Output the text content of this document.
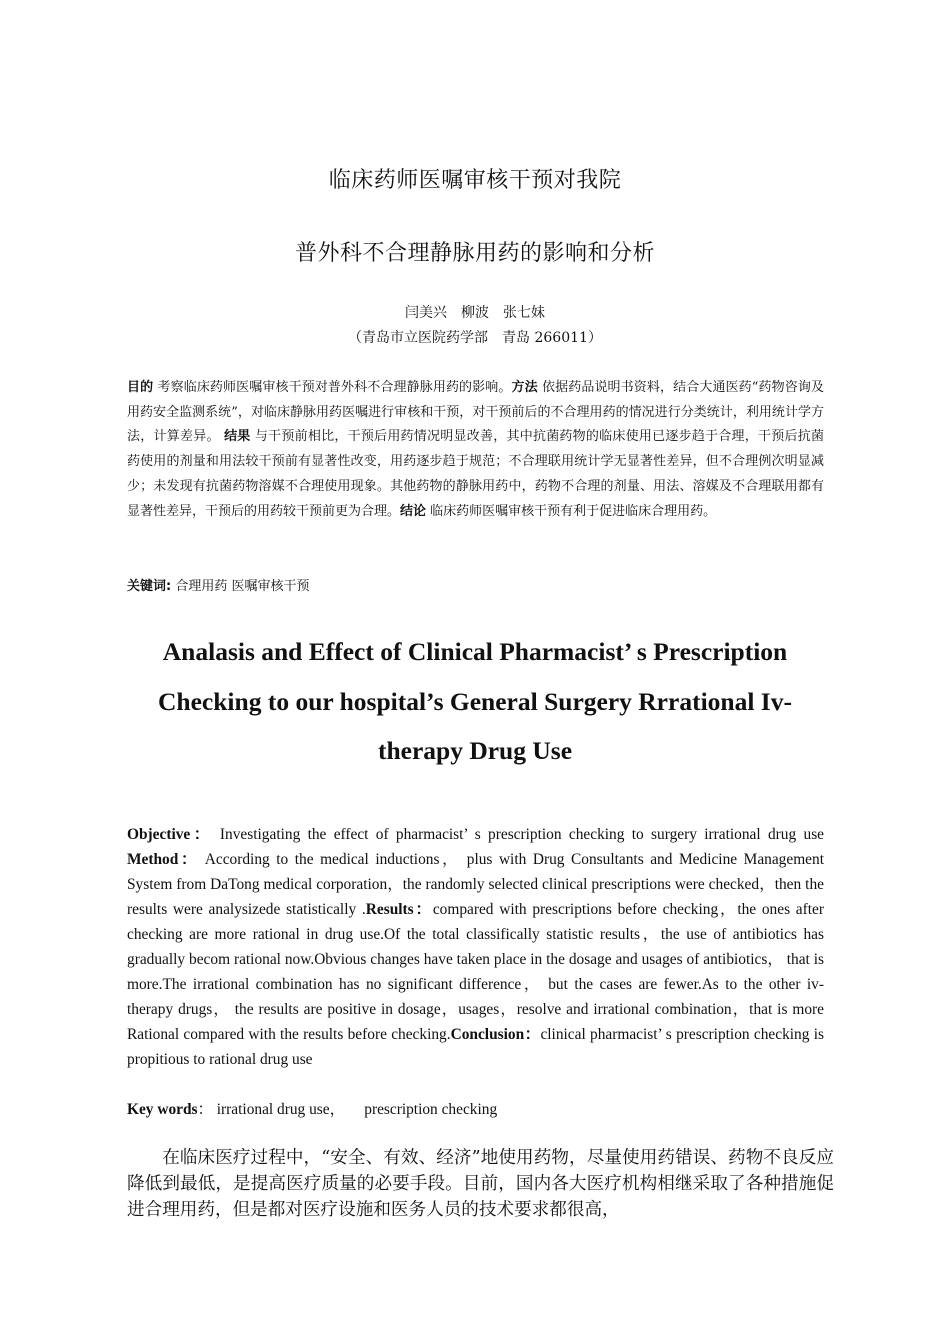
临床药师医嘱审核干预对我院
普外科不合理静脉用药的影响和分析
闫美兴　柳波　张七妹
（青岛市立医院药学部　青岛 266011）
目的 考察临床药师医嘱审核干预对普外科不合理静脉用药的影响。方法 依据药品说明书资料，结合大通医药“药物咨询及用药安全监测系统”，对临床静脉用药医嘱进行审核和干预，对干预前后的不合理用药的情况进行分类统计，利用统计学方法，计算差异。 结果 与干预前相比，干预后用药情况明显改善，其中抗菌药物的临床使用已逐步趋于合理，干预后抗菌药使用的剂量和用法较干预前有显著性改变，用药逐步趋于规范；不合理联用统计学无显著性差异，但不合理例次明显减少；未发现有抗菌药物溶媒不合理使用现象。其他药物的静脉用药中，药物不合理的剂量、用法、溶媒及不合理联用都有显著性差异，干预后的用药较干预前更为合理。结论 临床药师医嘱审核干预有利于促进临床合理用药。
关键词: 合理用药 医嘱审核干预
Analasis and Effect of Clinical Pharmacist’ s Prescription
Checking to our hospital’s General Surgery Rrrational Iv-
therapy Drug Use
Objective： Investigating the effect of pharmacist’ s prescription checking to surgery irrational drug use Method： According to the medical inductions， plus with Drug Consultants and Medicine Management System from DaTong medical corporation，the randomly selected clinical prescriptions were checked，then the results were analysizede statistically .Results：compared with prescriptions before checking，the ones after checking are more rational in drug use.Of the total classifically statistic results，the use of antibiotics has gradually becom rational now.Obvious changes have taken place in the dosage and usages of antibiotics， that is more.The irrational combination has no significant difference， but the cases are fewer.As to the other iv-therapy drugs， the results are positive in dosage，usages，resolve and irrational combination，that is more Rational compared with the results before checking.Conclusion：clinical pharmacist’ s prescription checking is propitious to rational drug use
Key words： irrational drug use，     prescription checking
在临床医疗过程中，“安全、有效、经济”地使用药物，尽量使用药错误、药物不良反应降低到最低，是提高医疗质量的必要手段。目前，国内各大医疗机构相继采取了各种措施促进合理用药，但是都对医疗设施和医务人员的技术要求都很高，
